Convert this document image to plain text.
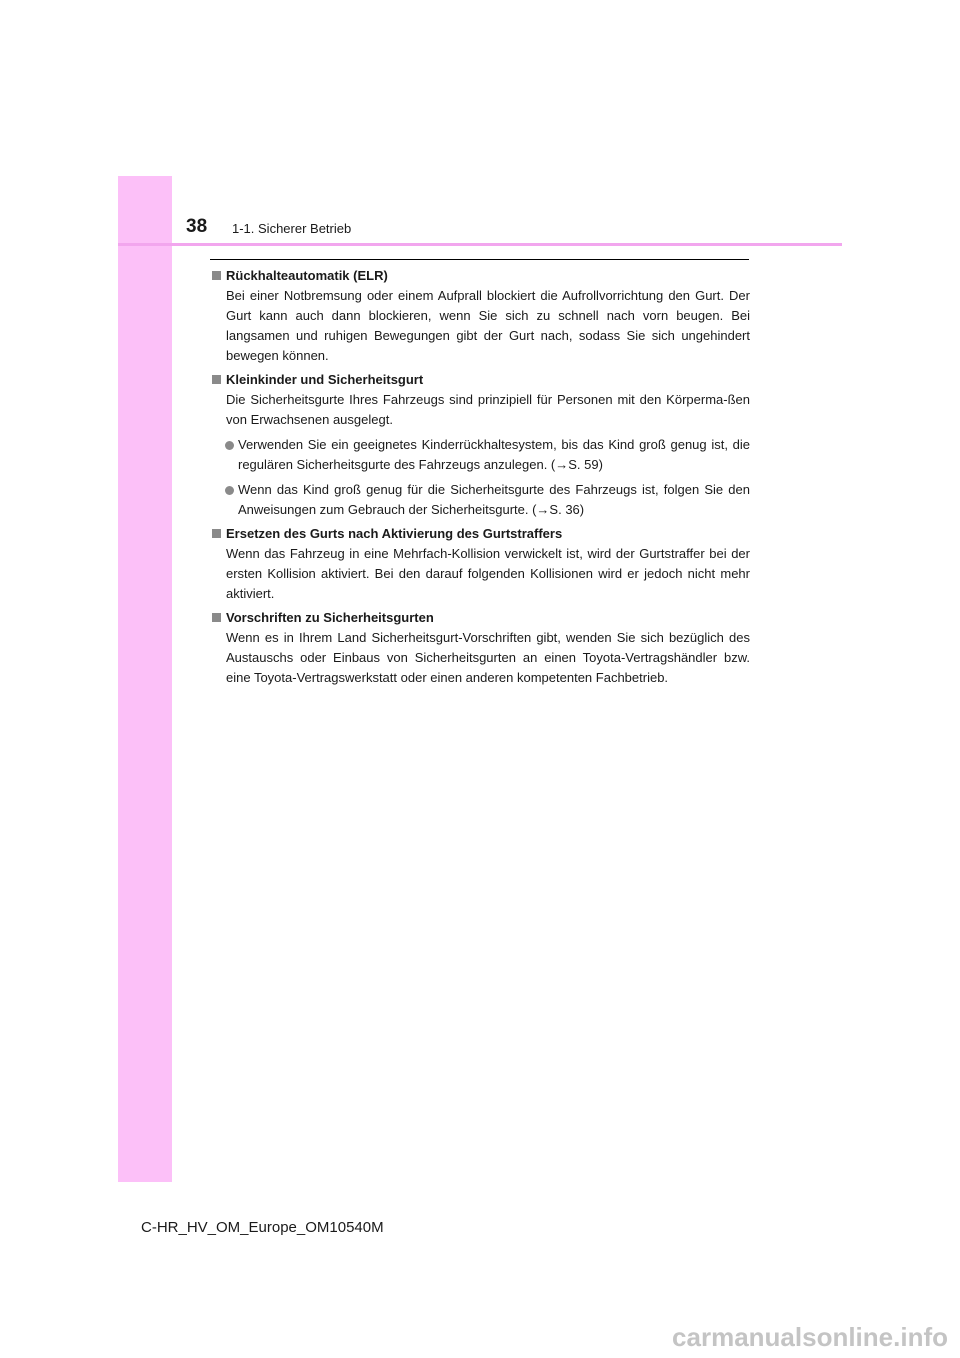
38 1-1. Sicherer Betrieb
Rückhalteautomatik (ELR)
Bei einer Notbremsung oder einem Aufprall blockiert die Aufrollvorrichtung den Gurt. Der Gurt kann auch dann blockieren, wenn Sie sich zu schnell nach vorn beugen. Bei langsamen und ruhigen Bewegungen gibt der Gurt nach, sodass Sie sich ungehindert bewegen können.
Kleinkinder und Sicherheitsgurt
Die Sicherheitsgurte Ihres Fahrzeugs sind prinzipiell für Personen mit den Körperma-ßen von Erwachsenen ausgelegt.
Verwenden Sie ein geeignetes Kinderrückhaltesystem, bis das Kind groß genug ist, die regulären Sicherheitsgurte des Fahrzeugs anzulegen. (→S. 59)
Wenn das Kind groß genug für die Sicherheitsgurte des Fahrzeugs ist, folgen Sie den Anweisungen zum Gebrauch der Sicherheitsgurte. (→S. 36)
Ersetzen des Gurts nach Aktivierung des Gurtstraffers
Wenn das Fahrzeug in eine Mehrfach-Kollision verwickelt ist, wird der Gurtstraffer bei der ersten Kollision aktiviert. Bei den darauf folgenden Kollisionen wird er jedoch nicht mehr aktiviert.
Vorschriften zu Sicherheitsgurten
Wenn es in Ihrem Land Sicherheitsgurt-Vorschriften gibt, wenden Sie sich bezüglich des Austauschs oder Einbaus von Sicherheitsgurten an einen Toyota-Vertragshändler bzw. eine Toyota-Vertragswerkstatt oder einen anderen kompetenten Fachbetrieb.
C-HR_HV_OM_Europe_OM10540M
carmanualsonline.info
